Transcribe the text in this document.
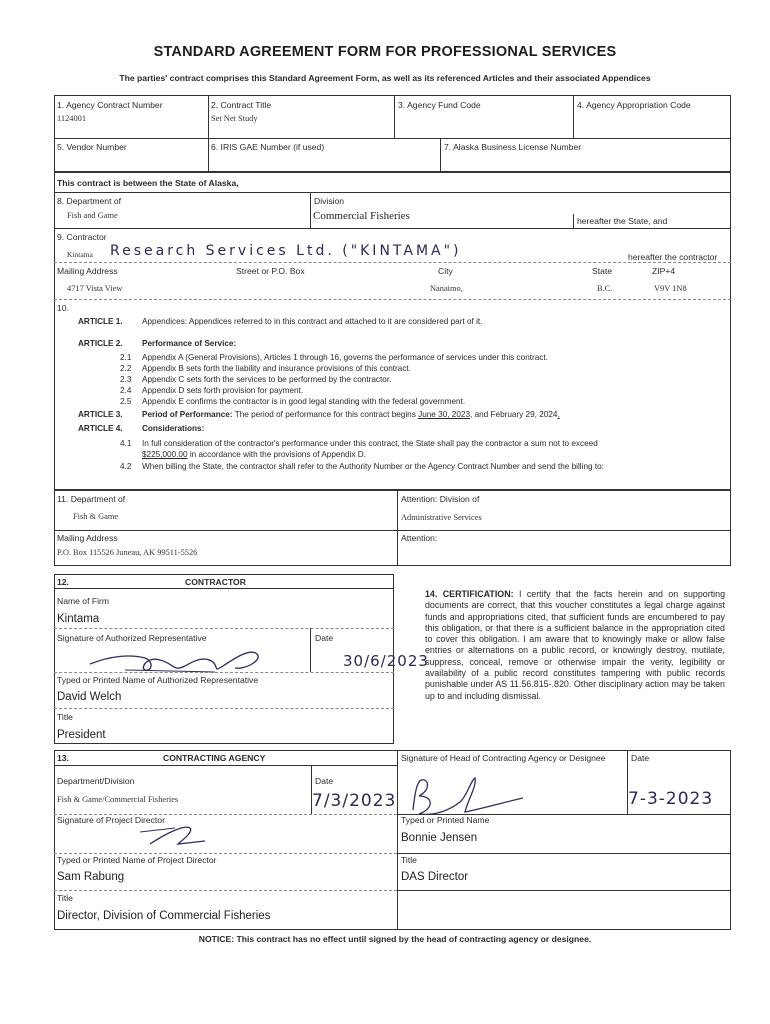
STANDARD AGREEMENT FORM FOR PROFESSIONAL SERVICES
The parties' contract comprises this Standard Agreement Form, as well as its referenced Articles and their associated Appendices
1. Agency Contract Number
1124001
2. Contract Title
Set Net Study
3. Agency Fund Code	4. Agency Appropriation Code
5. Vendor Number	6. IRIS GAE Number (if used)	7. Alaska Business License Number
This contract is between the State of Alaska,
8. Department of
Fish and Game
Division
Commercial Fisheries	hereafter the State, and
9. Contractor
Kintama Research Services Ltd. ("KINTAMA")	hereafter the contractor
Mailing Address	Street or P.O. Box	City	State	ZIP+4
4717 Vista View	Nanaimo,	B.C.	V9V 1N8
10.
ARTICLE 1. Appendices: Appendices referred to in this contract and attached to it are considered part of it.
ARTICLE 2. Performance of Service:
2.1 Appendix A (General Provisions), Articles 1 through 16, governs the performance of services under this contract.
2.2 Appendix B sets forth the liability and insurance provisions of this contract.
2.3 Appendix C sets forth the services to be performed by the contractor.
2.4 Appendix D sets forth provision for payment.
2.5 Appendix E confirms the contractor is in good legal standing with the federal government.
ARTICLE 3. Period of Performance: The period of performance for this contract begins June 30, 2023, and February 29, 2024.
ARTICLE 4. Considerations:
4.1 In full consideration of the contractor's performance under this contract, the State shall pay the contractor a sum not to exceed
$225,000.00 in accordance with the provisions of Appendix D.
4.2 When billing the State, the contractor shall refer to the Authority Number or the Agency Contract Number and send the billing to:
11. Department of
Fish & Game
Attention: Division of
Administrative Services
Mailing Address
P.O. Box 115526 Juneau, AK 99511-5526
Attention:
12.	CONTRACTOR
Name of Firm
Kintama
Signature of Authorized Representative	Date
30/6/2023
Typed or Printed Name of Authorized Representative
David Welch
Title
President
14. CERTIFICATION: I certify that the facts herein and on supporting documents are correct, that this voucher constitutes a legal charge against funds and appropriations cited, that sufficient funds are encumbered to pay this obligation, or that there is a sufficient balance in the appropriation cited to cover this obligation. I am aware that to knowingly make or allow false entries or alternations on a public record, or knowingly destroy, mutilate, suppress, conceal, remove or otherwise impair the verity, legibility or availability of a public record constitutes tampering with public records punishable under AS 11.56.815-.820. Other disciplinary action may be taken up to and including dismissal.
13.	CONTRACTING AGENCY
Department/Division
Fish & Game/Commercial Fisheries
Date
7/3/2023
Signature of Project Director
Typed or Printed Name of Project Director
Sam Rabung
Title
Director, Division of Commercial Fisheries
Signature of Head of Contracting Agency or Designee	Date
7-3-2023
Typed or Printed Name
Bonnie Jensen
Title
DAS Director
NOTICE: This contract has no effect until signed by the head of contracting agency or designee.
